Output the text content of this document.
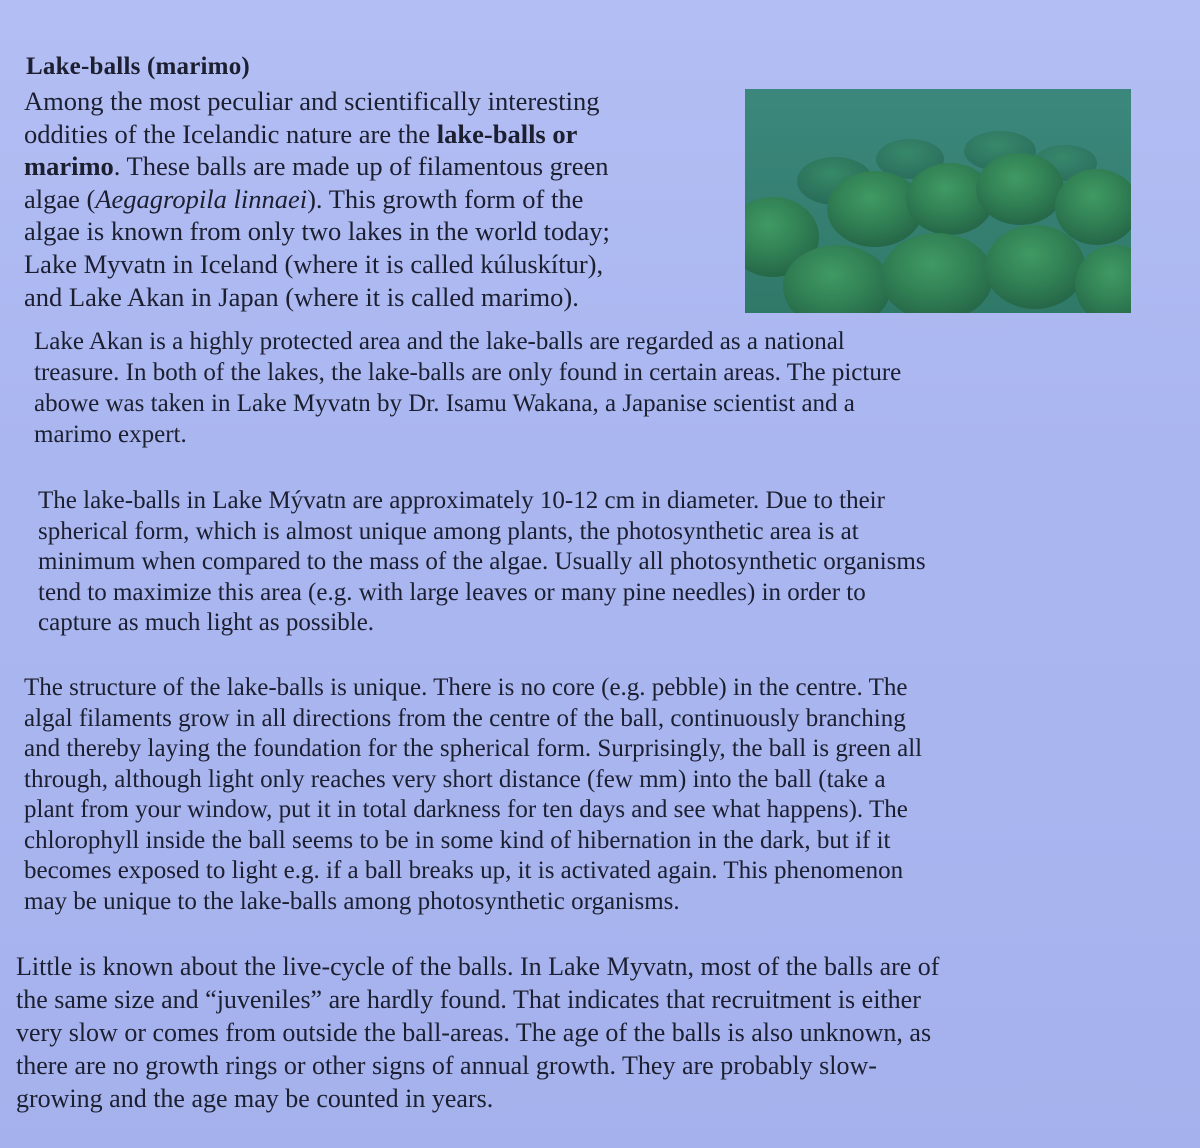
Lake-balls (marimo)
Among the most peculiar and scientifically interesting
oddities of the Icelandic nature are the lake-balls or
marimo. These balls are made up of filamentous green
algae (Aegagropila linnaei). This growth form of the
algae is known from only two lakes in the world today;
Lake Myvatn in Iceland (where it is called kúluskítur),
and Lake Akan in Japan (where it is called marimo).
Lake Akan is a highly protected area and the lake-balls are regarded as a national
treasure. In both of the lakes, the lake-balls are only found in certain areas. The picture
abowe was taken in Lake Myvatn by Dr. Isamu Wakana, a Japanise scientist and a
marimo expert.
The lake-balls in Lake Mývatn are approximately 10-12 cm in diameter. Due to their
spherical form, which is almost unique among plants, the photosynthetic area is at
minimum when compared to the mass of the algae. Usually all photosynthetic organisms
tend to maximize this area (e.g. with large leaves or many pine needles) in order to
capture as much light as possible.
The structure of the lake-balls is unique. There is no core (e.g. pebble) in the centre. The
algal filaments grow in all directions from the centre of the ball, continuously branching
and thereby laying the foundation for the spherical form. Surprisingly, the ball is green all
through, although light only reaches very short distance (few mm) into the ball (take a
plant from your window, put it in total darkness for ten days and see what happens). The
chlorophyll inside the ball seems to be in some kind of hibernation in the dark, but if it
becomes exposed to light e.g. if a ball breaks up, it is activated again. This phenomenon
may be unique to the lake-balls among photosynthetic organisms.
Little is known about the live-cycle of the balls. In Lake Myvatn, most of the balls are of
the same size and “juveniles” are hardly found. That indicates that recruitment is either
very slow or comes from outside the ball-areas. The age of the balls is also unknown, as
there are no growth rings or other signs of annual growth. They are probably slow-
growing and the age may be counted in years.
